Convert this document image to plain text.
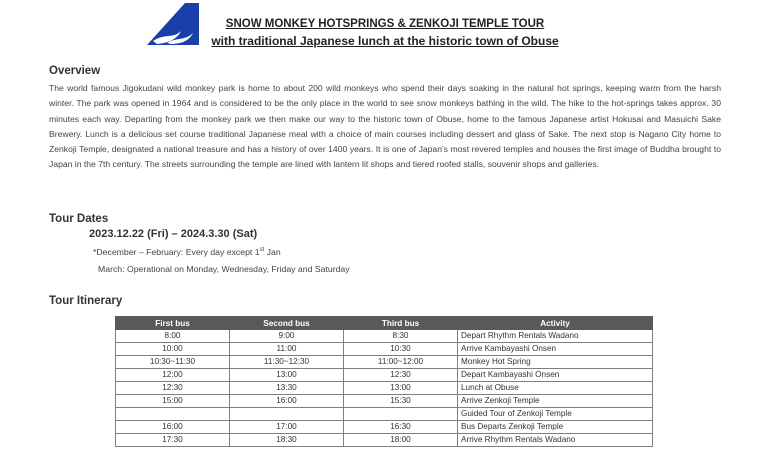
SNOW MONKEY HOTSPRINGS & ZENKOJI TEMPLE TOUR
with traditional Japanese lunch at the historic town of Obuse
Overview
The world famous Jigokudani wild monkey park is home to about 200 wild monkeys who spend their days soaking in the natural hot springs, keeping warm from the harsh winter. The park was opened in 1964 and is considered to be the only place in the world to see snow monkeys bathing in the wild. The hike to the hot-springs takes approx. 30 minutes each way. Departing from the monkey park we then make our way to the historic town of Obuse, home to the famous Japanese artist Hokusai and Masuichi Sake Brewery. Lunch is a delicious set course traditional Japanese meal with a choice of main courses including dessert and glass of Sake. The next stop is Nagano City home to Zenkoji Temple, designated a national treasure and has a history of over 1400 years. It is one of Japan's most revered temples and houses the first image of Buddha brought to Japan in the 7th century. The streets surrounding the temple are lined with lantern lit shops and tiered roofed stalls, souvenir shops and galleries.
Tour Dates
2023.12.22 (Fri) – 2024.3.30 (Sat)
*December – February: Every day except 1st Jan
March: Operational on Monday, Wednesday, Friday and Saturday
Tour Itinerary
First bus	Second bus	Third bus	Activity
8:00	9:00	8:30	Depart Rhythm Rentals Wadano
10:00	11:00	10:30	Arrive Kambayashi Onsen
10:30~11:30	11:30~12:30	11:00~12:00	Monkey Hot Spring
12:00	13:00	12:30	Depart Kambayashi Onsen
12:30	13:30	13:00	Lunch at Obuse
15:00	16:00	15:30	Arrive Zenkoji Temple
			Guided Tour of Zenkoji Temple
16:00	17:00	16:30	Bus Departs Zenkoji Temple
17:30	18:30	18:00	Arrive Rhythm Rentals Wadano
